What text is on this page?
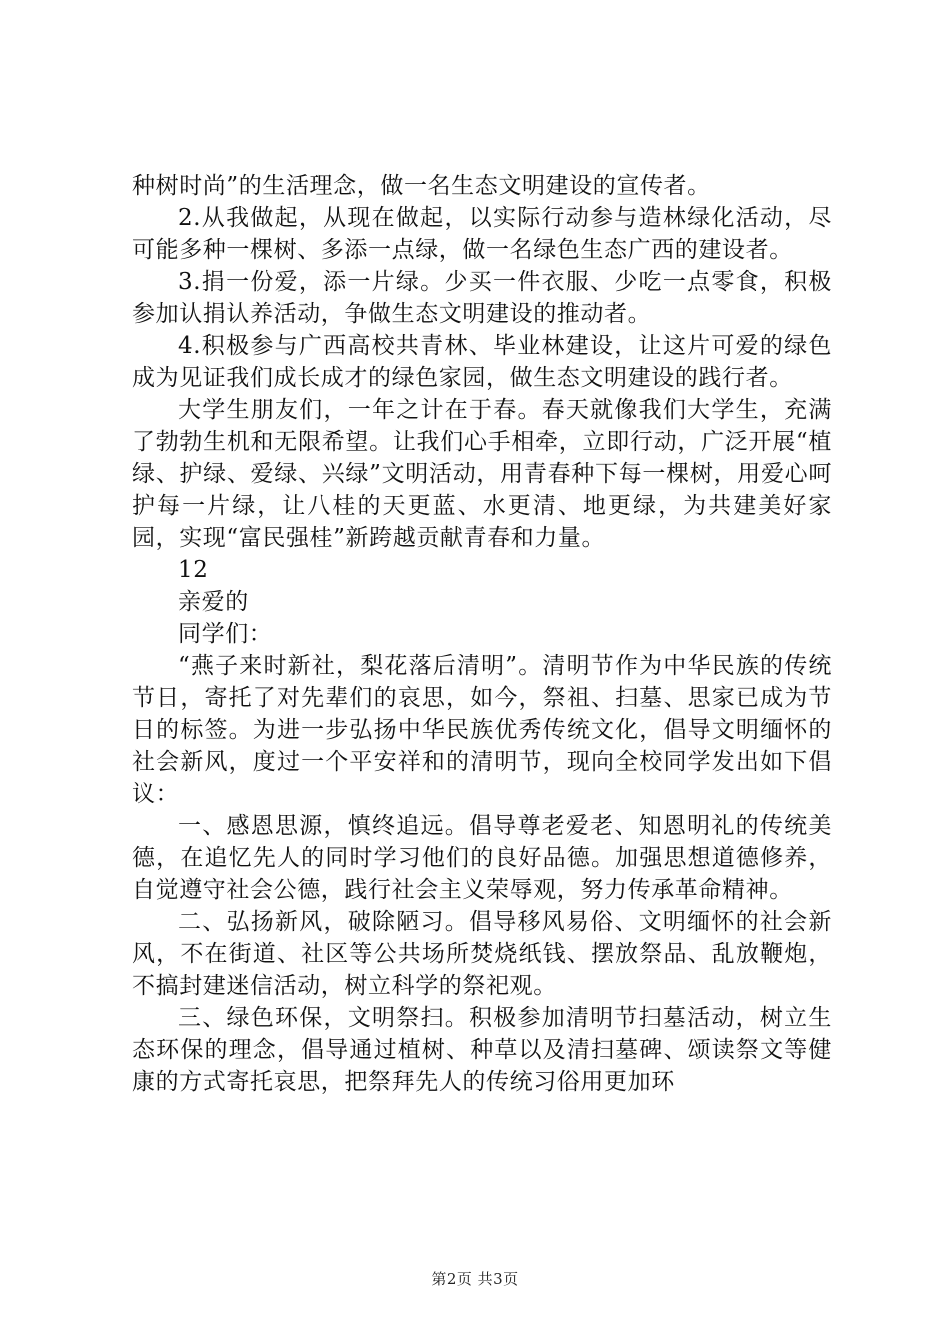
种树时尚”的生活理念，做一名生态文明建设的宣传者。

2.从我做起，从现在做起，以实际行动参与造林绿化活动，尽可能多种一棵树、多添一点绿，做一名绿色生态广西的建设者。

3.捐一份爱，添一片绿。少买一件衣服、少吃一点零食，积极参加认捐认养活动，争做生态文明建设的推动者。

4.积极参与广西高校共青林、毕业林建设，让这片可爱的绿色成为见证我们成长成才的绿色家园，做生态文明建设的践行者。

大学生朋友们，一年之计在于春。春天就像我们大学生，充满了勃勃生机和无限希望。让我们心手相牵，立即行动，广泛开展“植绿、护绿、爱绿、兴绿”文明活动，用青春种下每一棵树，用爱心呵护每一片绿，让八桂的天更蓝、水更清、地更绿，为共建美好家园，实现“富民强桂”新跨越贡献青春和力量。

12

亲爱的

同学们：

“燕子来时新社，梨花落后清明”。清明节作为中华民族的传统节日，寄托了对先辈们的哀思，如今，祭祖、扫墓、思家已成为节日的标签。为进一步弘扬中华民族优秀传统文化，倡导文明缅怀的社会新风，度过一个平安祥和的清明节，现向全校同学发出如下倡议：

一、感恩思源，慎终追远。倡导尊老爱老、知恩明礼的传统美德，在追忆先人的同时学习他们的良好品德。加强思想道德修养，自觉遵守社会公德，践行社会主义荣辱观，努力传承革命精神。

二、弘扬新风，破除陋习。倡导移风易俗、文明缅怀的社会新风，不在街道、社区等公共场所焚烧纸钱、摆放祭品、乱放鞭炮，不搞封建迷信活动，树立科学的祭祀观。

三、绿色环保，文明祭扫。积极参加清明节扫墓活动，树立生态环保的理念，倡导通过植树、种草以及清扫墓碑、颂读祭文等健康的方式寄托哀思，把祭拜先人的传统习俗用更加环

第2页 共3页
